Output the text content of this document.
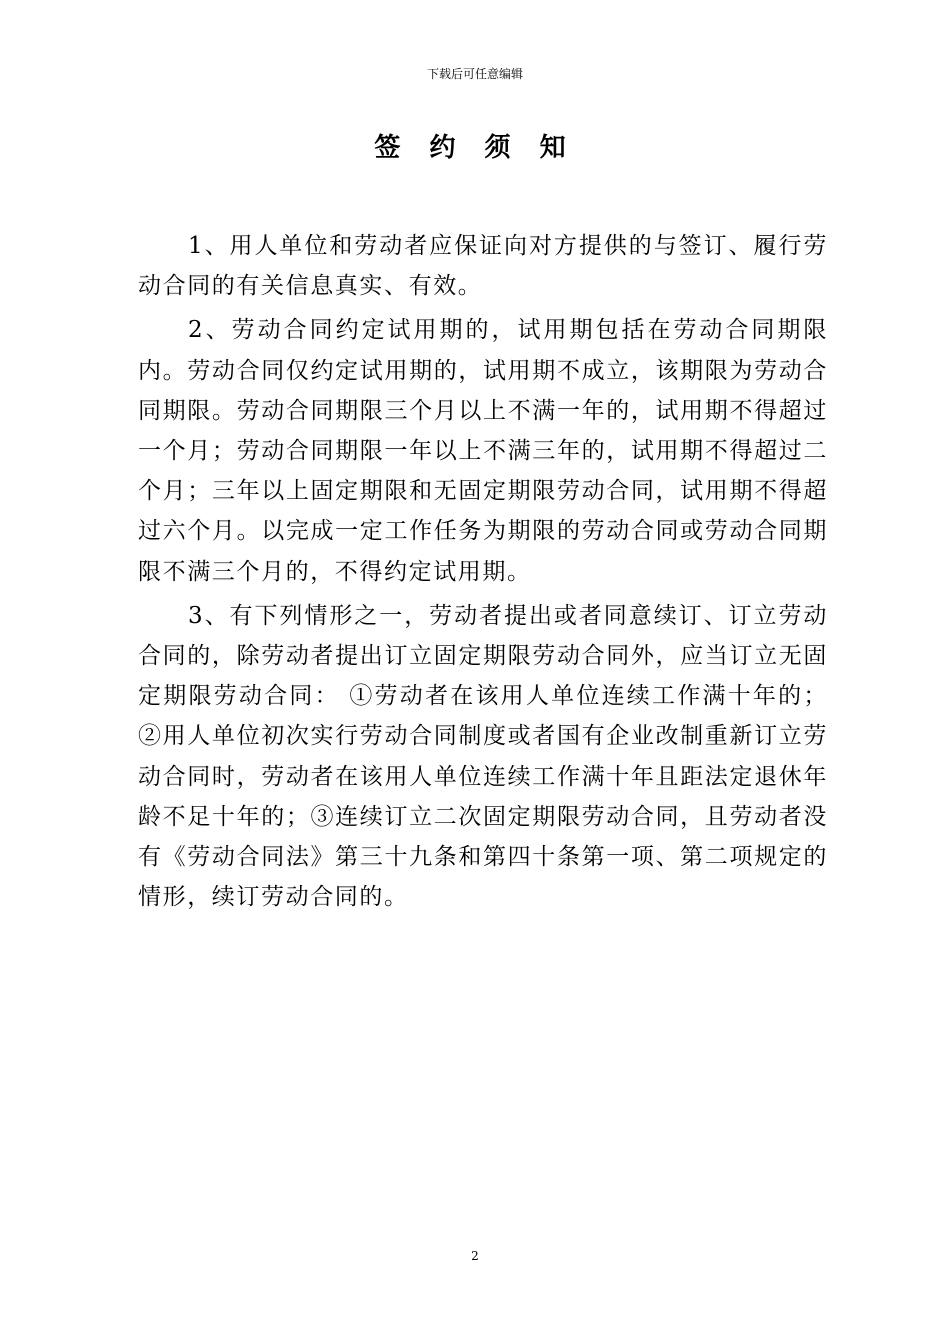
下载后可任意编辑
签 约 须 知

1、用人单位和劳动者应保证向对方提供的与签订、履行劳动合同的有关信息真实、有效。

2、劳动合同约定试用期的，试用期包括在劳动合同期限内。劳动合同仅约定试用期的，试用期不成立，该期限为劳动合同期限。劳动合同期限三个月以上不满一年的，试用期不得超过一个月；劳动合同期限一年以上不满三年的，试用期不得超过二个月；三年以上固定期限和无固定期限劳动合同，试用期不得超过六个月。以完成一定工作任务为期限的劳动合同或劳动合同期限不满三个月的，不得约定试用期。

3、有下列情形之一，劳动者提出或者同意续订、订立劳动合同的，除劳动者提出订立固定期限劳动合同外，应当订立无固定期限劳动合同： ①劳动者在该用人单位连续工作满十年的；②用人单位初次实行劳动合同制度或者国有企业改制重新订立劳动合同时，劳动者在该用人单位连续工作满十年且距法定退休年龄不足十年的；③连续订立二次固定期限劳动合同，且劳动者没有《劳动合同法》第三十九条和第四十条第一项、第二项规定的情形，续订劳动合同的。

2
